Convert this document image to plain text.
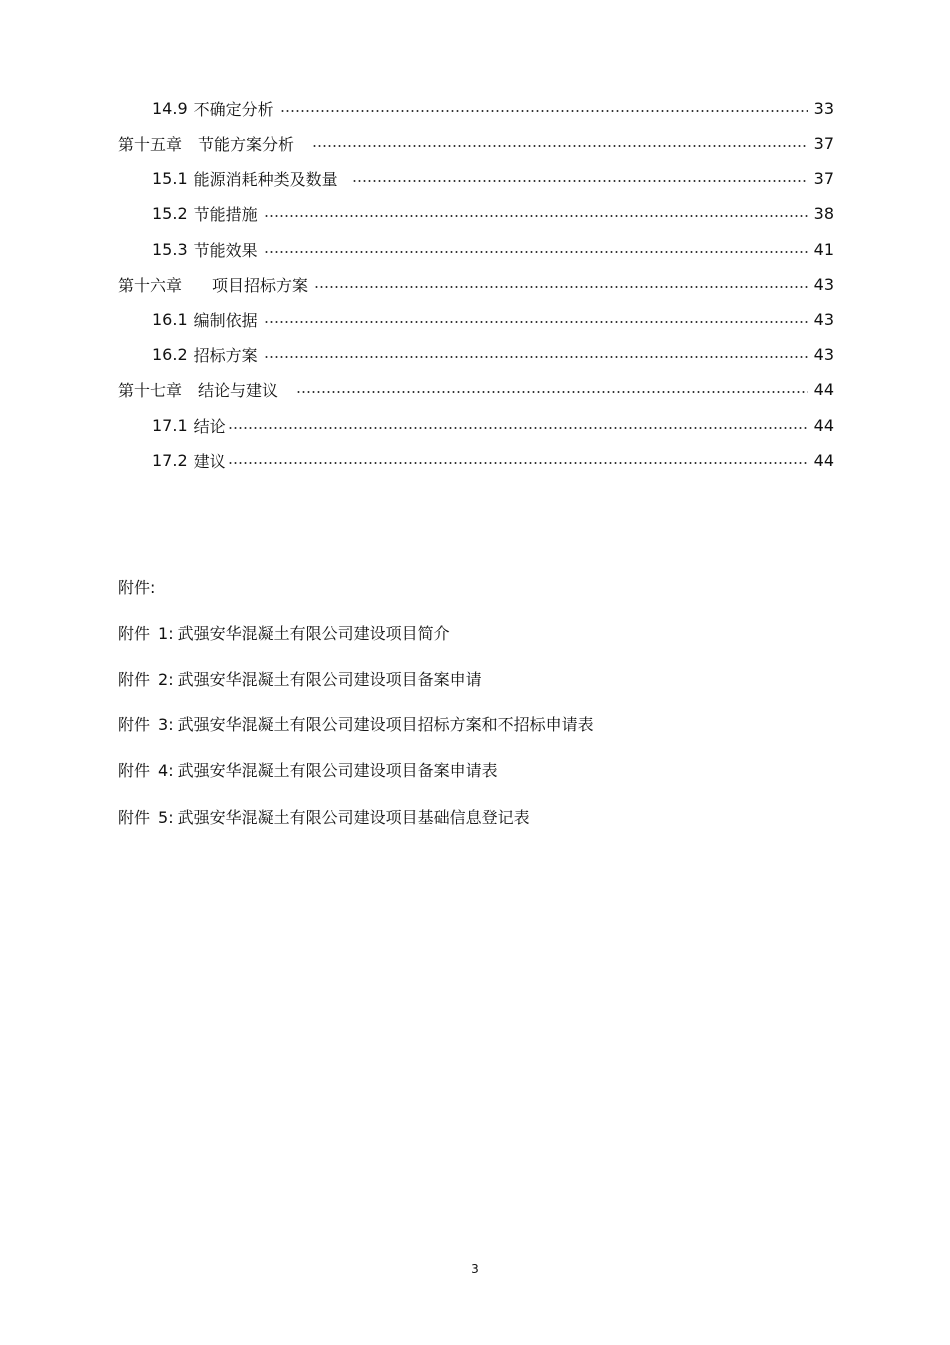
14.9 不确定分析	33
第十五章 节能方案分析	37
15.1 能源消耗种类及数量	37
15.2 节能措施	38
15.3 节能效果	41
第十六章 项目招标方案	43
16.1 编制依据	43
16.2 招标方案	43
第十七章 结论与建议	44
17.1 结论	44
17.2 建议	44
附件:
附件 1: 武强安华混凝土有限公司建设项目简介
附件 2: 武强安华混凝土有限公司建设项目备案申请
附件 3: 武强安华混凝土有限公司建设项目招标方案和不招标申请表
附件 4: 武强安华混凝土有限公司建设项目备案申请表
附件 5: 武强安华混凝土有限公司建设项目基础信息登记表
3
